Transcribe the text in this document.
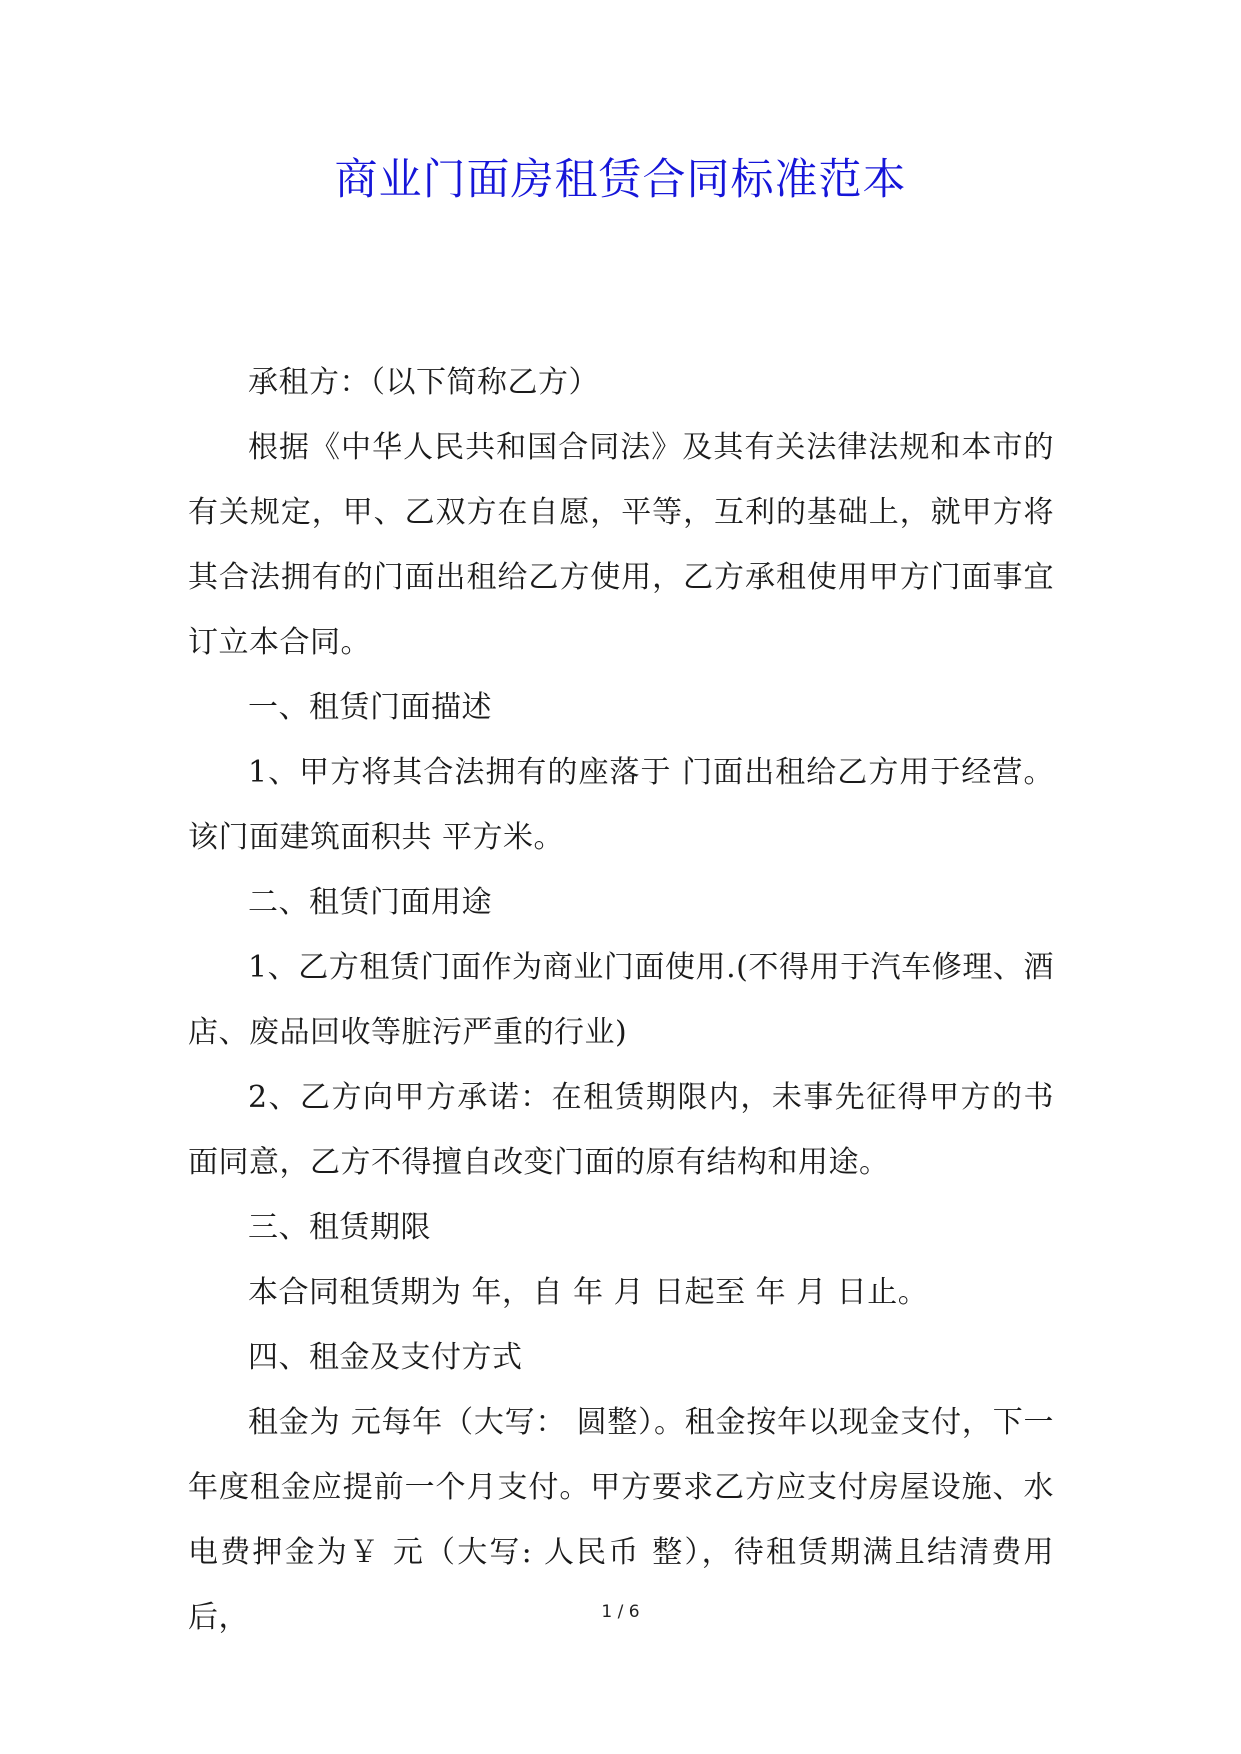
商业门面房租赁合同标准范本

承租方：（以下简称乙方）

根据《中华人民共和国合同法》及其有关法律法规和本市的有关规定，甲、乙双方在自愿，平等，互利的基础上，就甲方将其合法拥有的门面出租给乙方使用，乙方承租使用甲方门面事宜订立本合同。

一、租赁门面描述

1、甲方将其合法拥有的座落于 门面出租给乙方用于经营。该门面建筑面积共 平方米。

二、租赁门面用途

1、乙方租赁门面作为商业门面使用.(不得用于汽车修理、酒店、废品回收等脏污严重的行业)

2、乙方向甲方承诺：在租赁期限内，未事先征得甲方的书面同意，乙方不得擅自改变门面的原有结构和用途。

三、租赁期限

本合同租赁期为 年，自 年 月 日起至 年 月 日止。

四、租金及支付方式

租金为 元每年（大写： 圆整）。租金按年以现金支付，下一年度租金应提前一个月支付。甲方要求乙方应支付房屋设施、水电费押金为￥ 元（大写: 人民币 整），待租赁期满且结清费用后，	1 / 6
